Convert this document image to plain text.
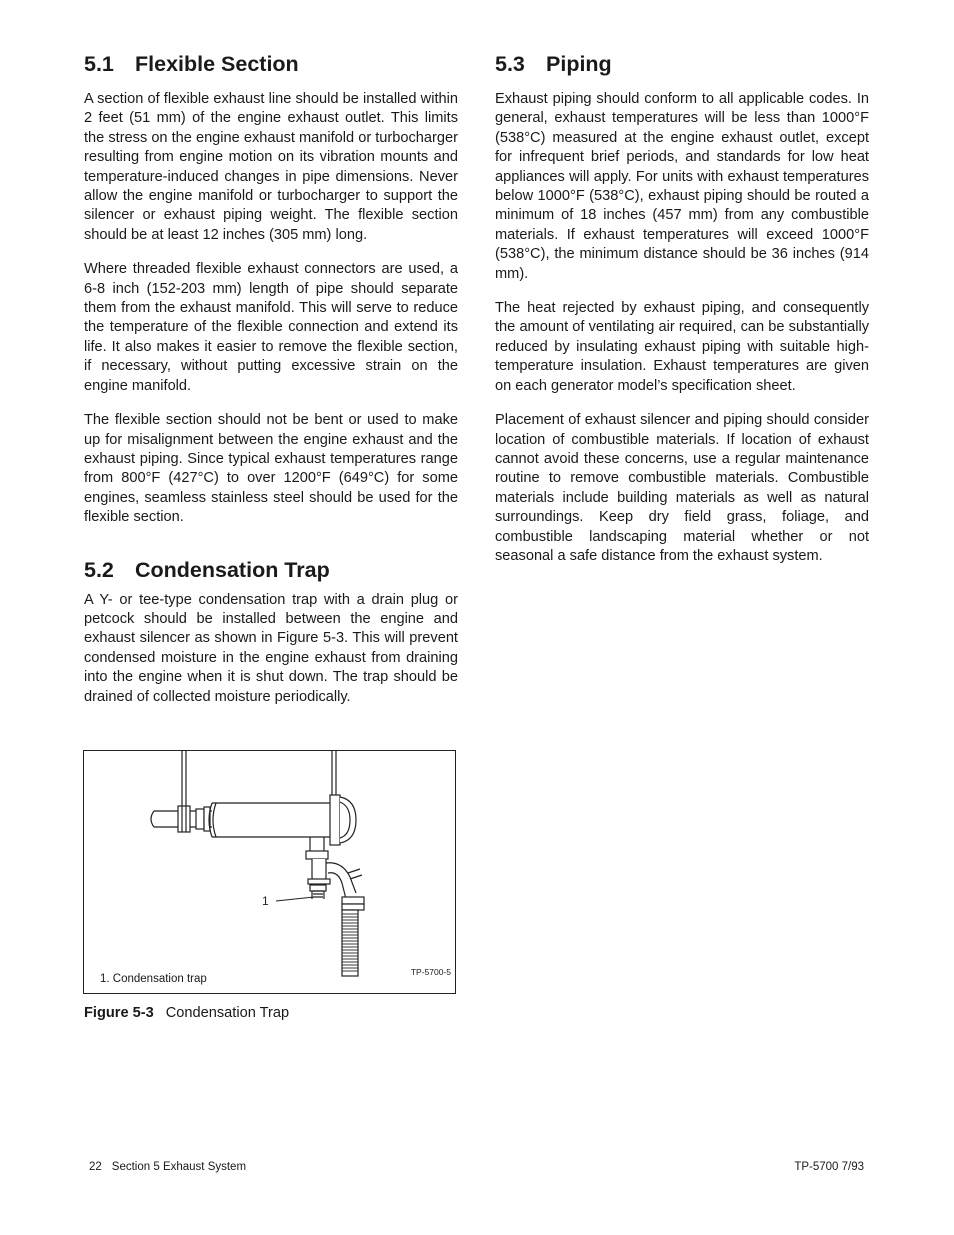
5.1 Flexible Section

A section of flexible exhaust line should be installed within 2 feet (51 mm) of the engine exhaust outlet. This limits the stress on the engine exhaust manifold or turbocharger resulting from engine motion on its vibration mounts and temperature-induced changes in pipe dimensions. Never allow the engine manifold or turbocharger to support the silencer or exhaust piping weight. The flexible section should be at least 12 inches (305 mm) long.

Where threaded flexible exhaust connectors are used, a 6-8 inch (152-203 mm) length of pipe should separate them from the exhaust manifold. This will serve to reduce the temperature of the flexible connection and extend its life. It also makes it easier to remove the flexible section, if necessary, without putting excessive strain on the engine manifold.

The flexible section should not be bent or used to make up for misalignment between the engine exhaust and the exhaust piping. Since typical exhaust temperatures range from 800°F (427°C) to over 1200°F (649°C) for some engines, seamless stainless steel should be used for the flexible section.

5.2 Condensation Trap

A Y- or tee-type condensation trap with a drain plug or petcock should be installed between the engine and exhaust silencer as shown in Figure 5-3. This will prevent condensed moisture in the engine exhaust from draining into the engine when it is shut down. The trap should be drained of collected moisture periodically.

5.3 Piping

Exhaust piping should conform to all applicable codes. In general, exhaust temperatures will be less than 1000°F (538°C) measured at the engine exhaust outlet, except for infrequent brief periods, and standards for low heat appliances will apply. For units with exhaust temperatures below 1000°F (538°C), exhaust piping should be routed a minimum of 18 inches (457 mm) from any combustible materials. If exhaust temperatures will exceed 1000°F (538°C), the minimum distance should be 36 inches (914 mm).

The heat rejected by exhaust piping, and consequently the amount of ventilating air required, can be substantially reduced by insulating exhaust piping with suitable high-temperature insulation. Exhaust temperatures are given on each generator model’s specification sheet.

Placement of exhaust silencer and piping should consider location of combustible materials. If location of exhaust cannot avoid these concerns, use a regular maintenance routine to remove combustible materials. Combustible materials include building materials as well as natural surroundings. Keep dry field grass, foliage, and combustible landscaping material whether or not seasonal a safe distance from the exhaust system.

1
1. Condensation trap
TP-5700-5
Figure 5-3 Condensation Trap
22 Section 5 Exhaust System	TP-5700 7/93
